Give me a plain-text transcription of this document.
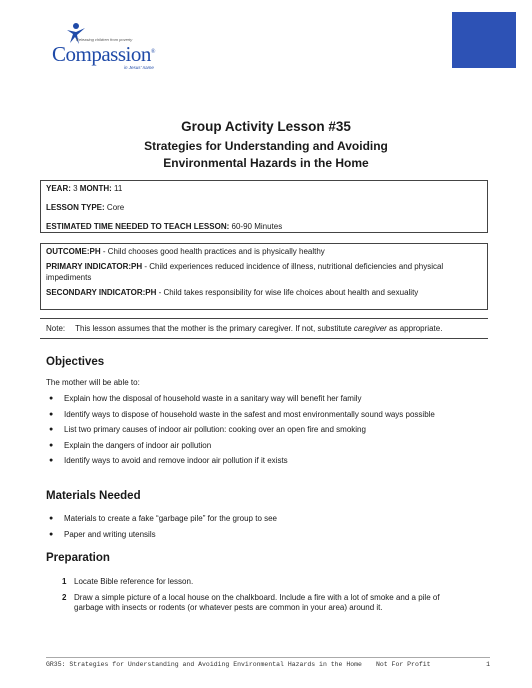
Releasing children from poverty
Compassion®
in Jesus' name

Group Activity Lesson #35

Strategies for Understanding and Avoiding

Environmental Hazards in the Home

YEAR: 3 MONTH: 11

LESSON TYPE: Core

ESTIMATED TIME NEEDED TO TEACH LESSON: 60-90 Minutes

OUTCOME:PH - Child chooses good health practices and is physically healthy

PRIMARY INDICATOR:PH - Child experiences reduced incidence of illness, nutritional deficiencies and physical impediments

SECONDARY INDICATOR:PH - Child takes responsibility for wise life choices about health and sexuality

Note: This lesson assumes that the mother is the primary caregiver. If not, substitute caregiver as appropriate.
Objectives

The mother will be able to:

● Explain how the disposal of household waste in a sanitary way will benefit her family
● Identify ways to dispose of household waste in the safest and most environmentally sound ways possible
● List two primary causes of indoor air pollution: cooking over an open fire and smoking
● Explain the dangers of indoor air pollution
● Identify ways to avoid and remove indoor air pollution if it exists
Materials Needed
● Materials to create a fake “garbage pile” for the group to see
● Paper and writing utensils
Preparation
1 Locate Bible reference for lesson.
2 Draw a simple picture of a local house on the chalkboard. Include a fire with a lot of smoke and a pile of garbage with insects or rodents (or whatever pests are common in your area) around it.
GR35: Strategies for Understanding and Avoiding Environmental Hazards in the Home Not For Profit	1
